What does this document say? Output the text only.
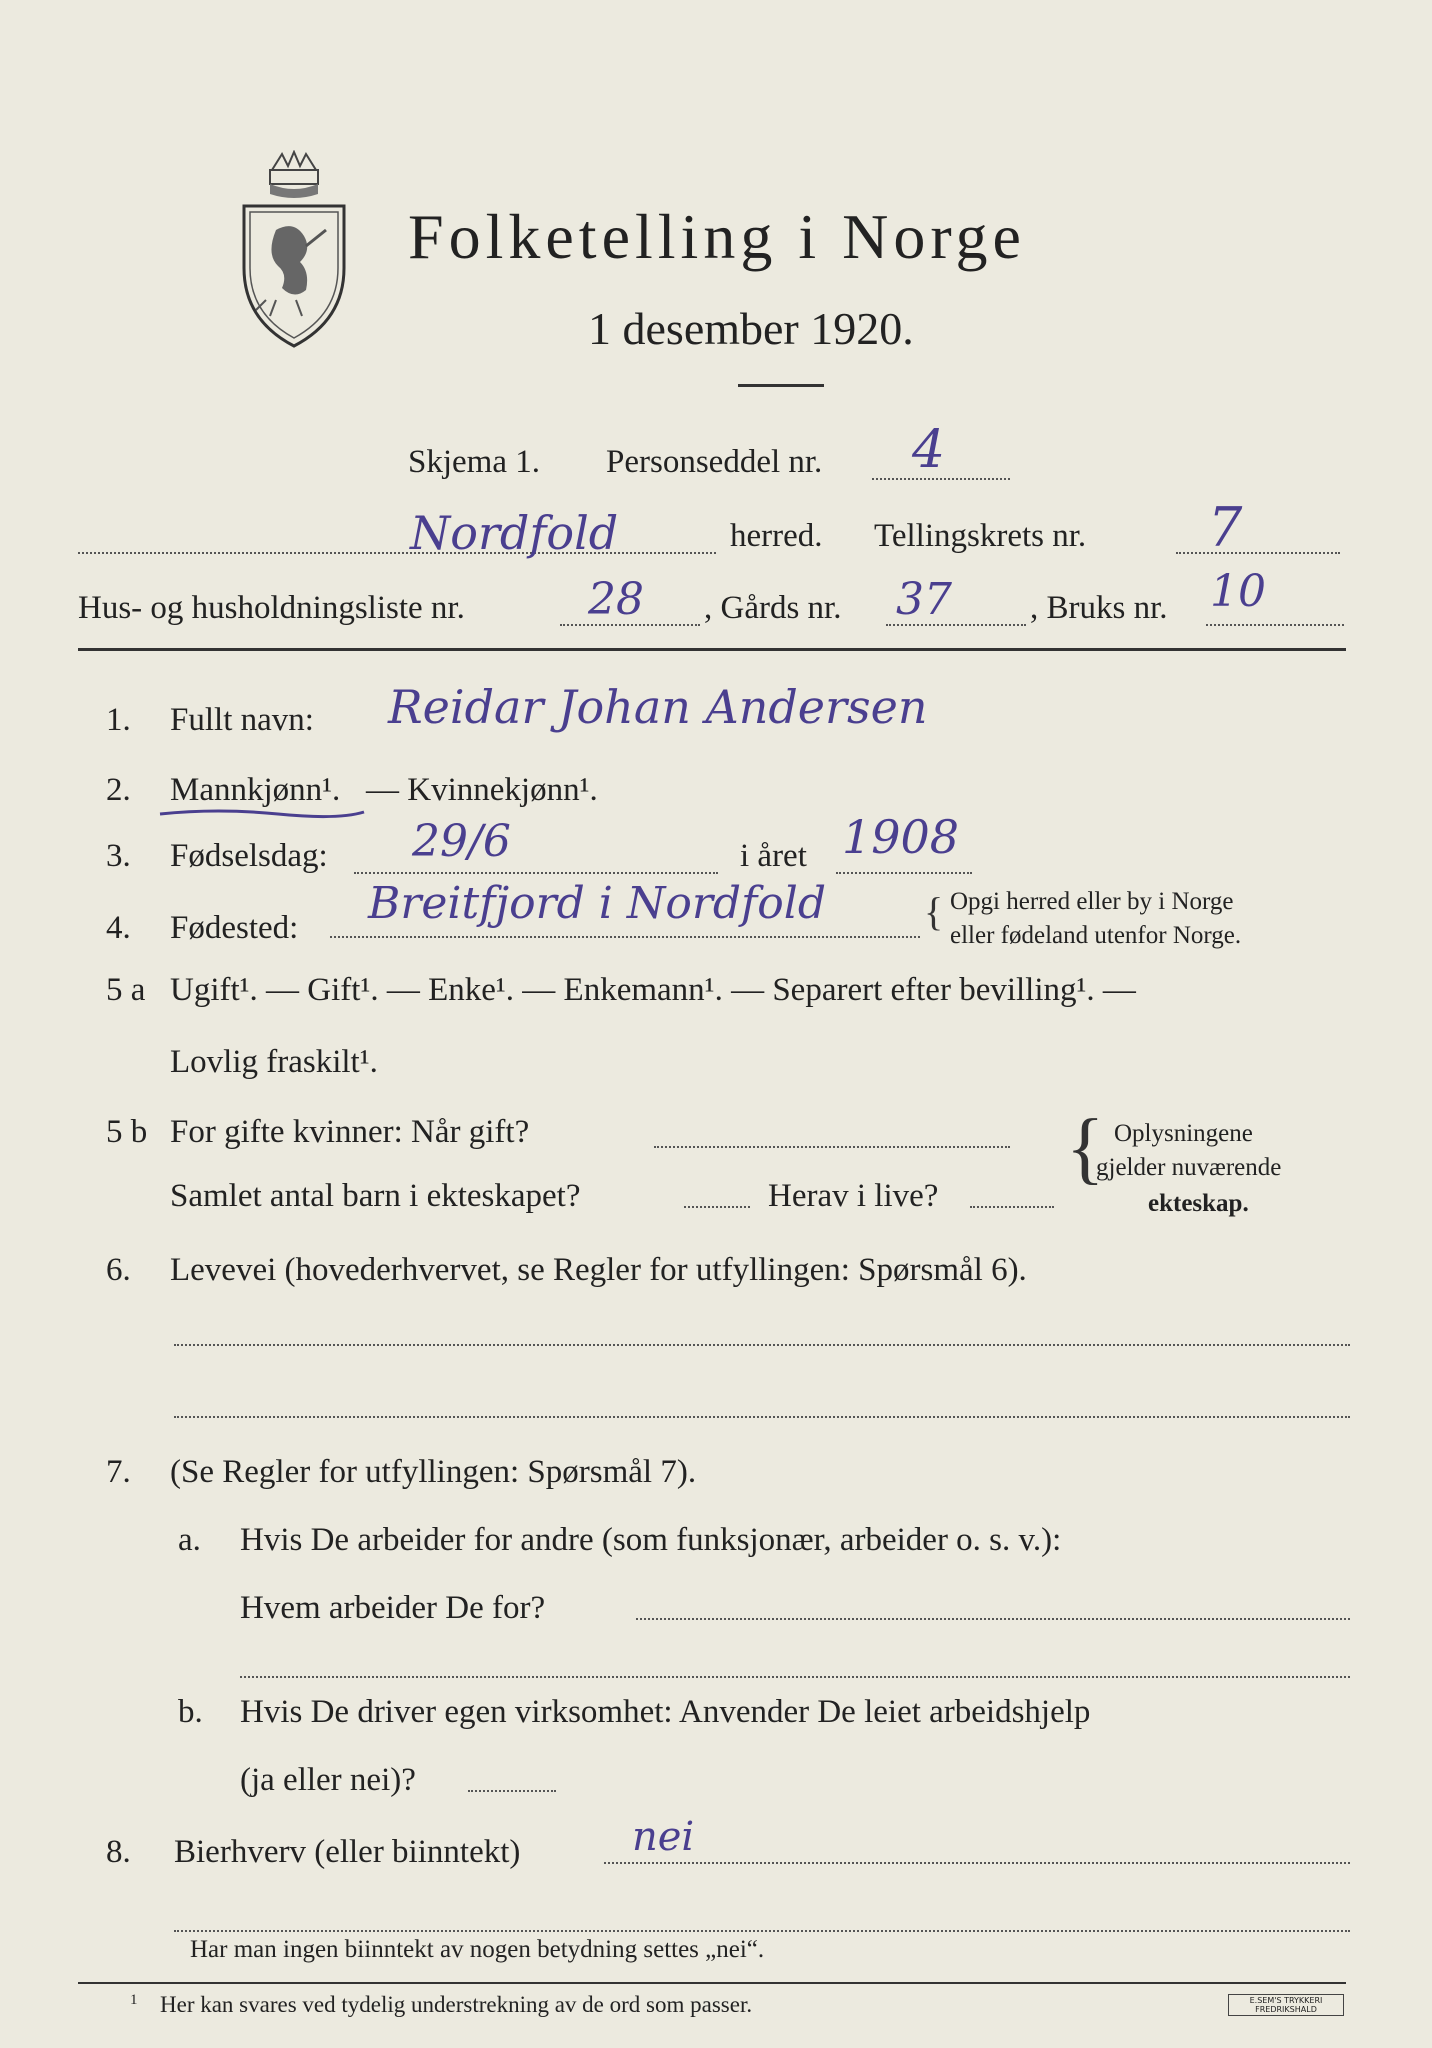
Folketelling i Norge
1 desember 1920.
Skjema 1. Personseddel nr. 4
Nordfold	herred. Tellingskrets nr. 7
Hus- og husholdningsliste nr.	28 , Gårds nr. 37 , Bruks nr. 10
1. Fullt navn: Reidar Johan Andersen
2. Mannkjønn¹. — Kvinnekjønn¹.
3. Fødselsdag: 29/6	i året 1908
4. Fødested: Breitfjord i Nordfold { Opgi herred eller by i Norge
eller fødeland utenfor Norge.
5 a Ugift¹. — Gift¹. — Enke¹. — Enkemann¹. — Separert efter bevilling¹. —
Lovlig fraskilt¹.
5 b For gifte kvinner: Når gift?
Samlet antal barn i ekteskapet?	Herav i live?
{ Oplysningene
gjelder nuværende
ekteskap.
6. Levevei (hovederhvervet, se Regler for utfyllingen: Spørsmål 6).
7. (Se Regler for utfyllingen: Spørsmål 7).
a. Hvis De arbeider for andre (som funksjonær, arbeider o. s. v.):
Hvem arbeider De for?
b. Hvis De driver egen virksomhet: Anvender De leiet arbeidshjelp
(ja eller nei)?
8. Bierhverv (eller biinntekt)	nei
Har man ingen biinntekt av nogen betydning settes „nei“.
1 Her kan svares ved tydelig understrekning av de ord som passer.	E.SEM'S TRYKKERI
FREDRIKSHALD
